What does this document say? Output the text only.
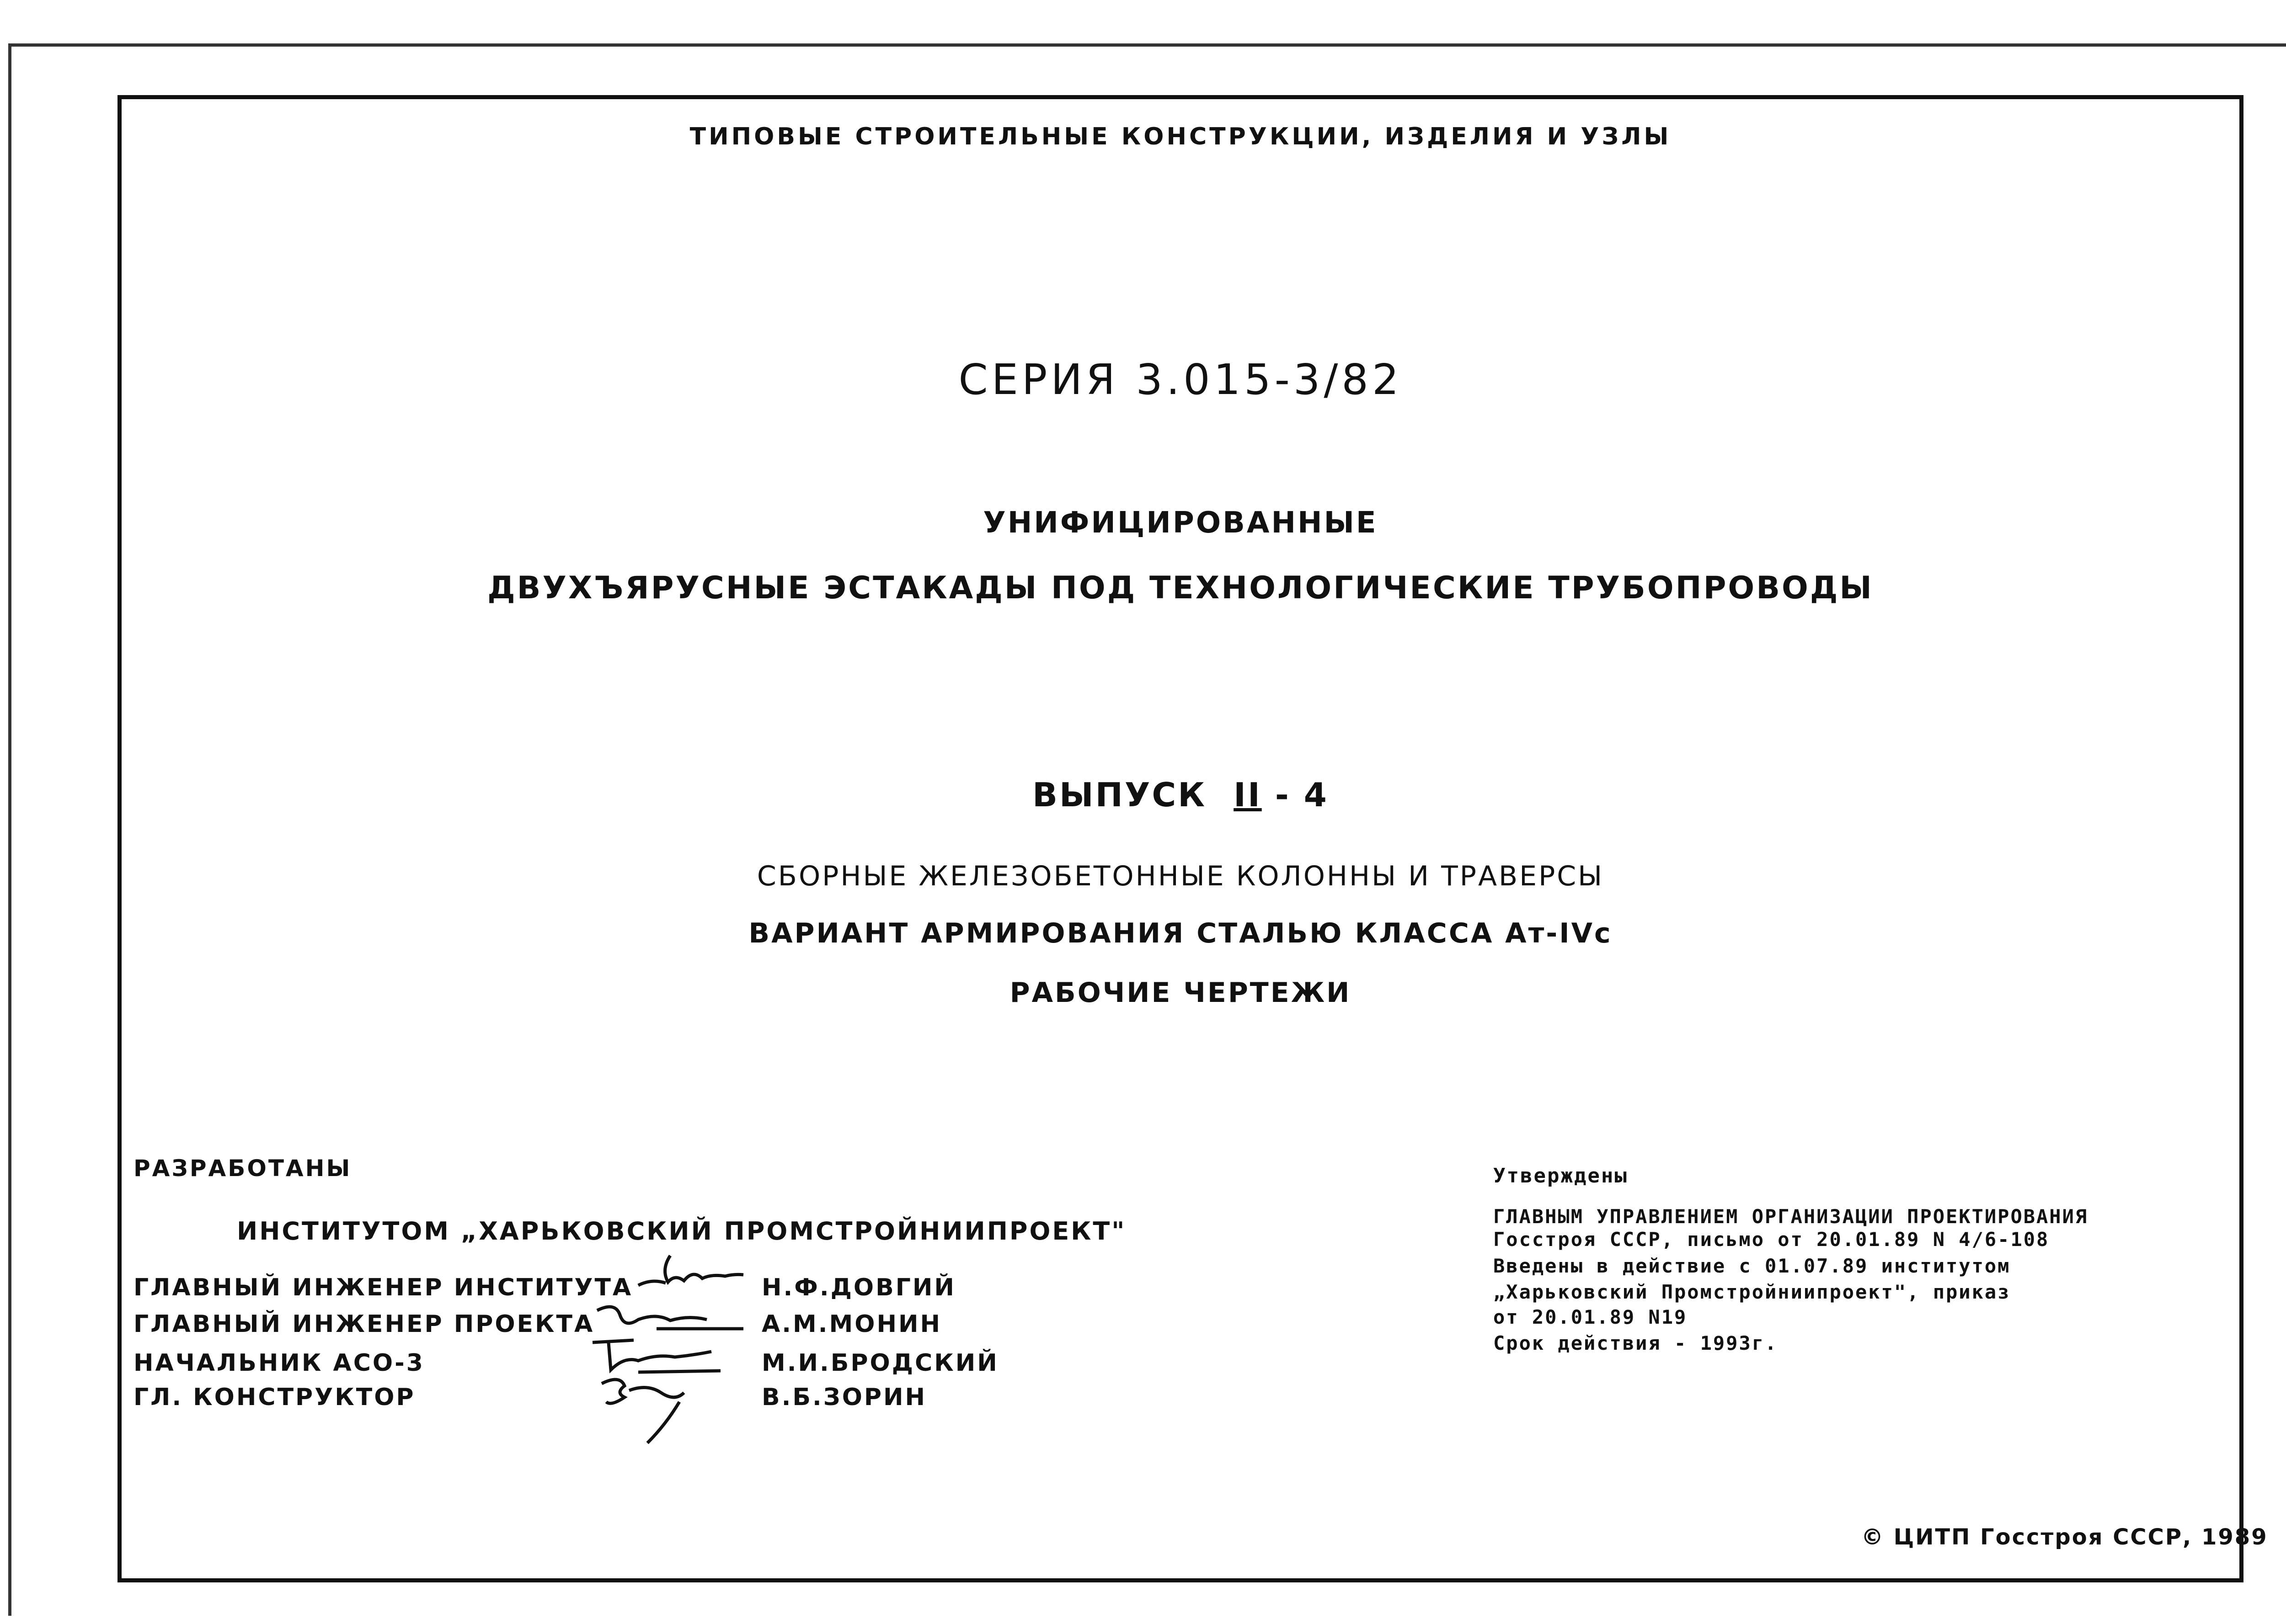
ТИПОВЫЕ СТРОИТЕЛЬНЫЕ КОНСТРУКЦИИ, ИЗДЕЛИЯ И УЗЛЫ
СЕРИЯ 3.015-3/82
УНИФИЦИРОВАННЫЕ
ДВУХЪЯРУСНЫЕ ЭСТАКАДЫ ПОД ТЕХНОЛОГИЧЕСКИЕ ТРУБОПРОВОДЫ
ВЫПУСК II - 4
СБОРНЫЕ ЖЕЛЕЗОБЕТОННЫЕ КОЛОННЫ И ТРАВЕРСЫ
ВАРИАНТ АРМИРОВАНИЯ СТАЛЬЮ КЛАССА Ат-IVс
РАБОЧИЕ ЧЕРТЕЖИ
РАЗРАБОТАНЫ
ИНСТИТУТОМ „ХАРЬКОВСКИЙ ПРОМСТРОЙНИИПРОЕКТ"
ГЛАВНЫЙ ИНЖЕНЕР ИНСТИТУТА	Н.Ф.ДОВГИЙ
ГЛАВНЫЙ ИНЖЕНЕР ПРОЕКТА	А.М.МОНИН
НАЧАЛЬНИК АСО-3	М.И.БРОДСКИЙ
ГЛ. КОНСТРУКТОР	В.Б.ЗОРИН
Утверждены
ГЛАВНЫМ УПРАВЛЕНИЕМ ОРГАНИЗАЦИИ ПРОЕКТИРОВАНИЯ
Госстроя СССР, письмо от 20.01.89 N 4/6-108
Введены в действие с 01.07.89 институтом
„Харьковский Промстройниипроект", приказ
от 20.01.89 N19
Срок действия - 1993г.
© ЦИТП Госстроя СССР, 1989
